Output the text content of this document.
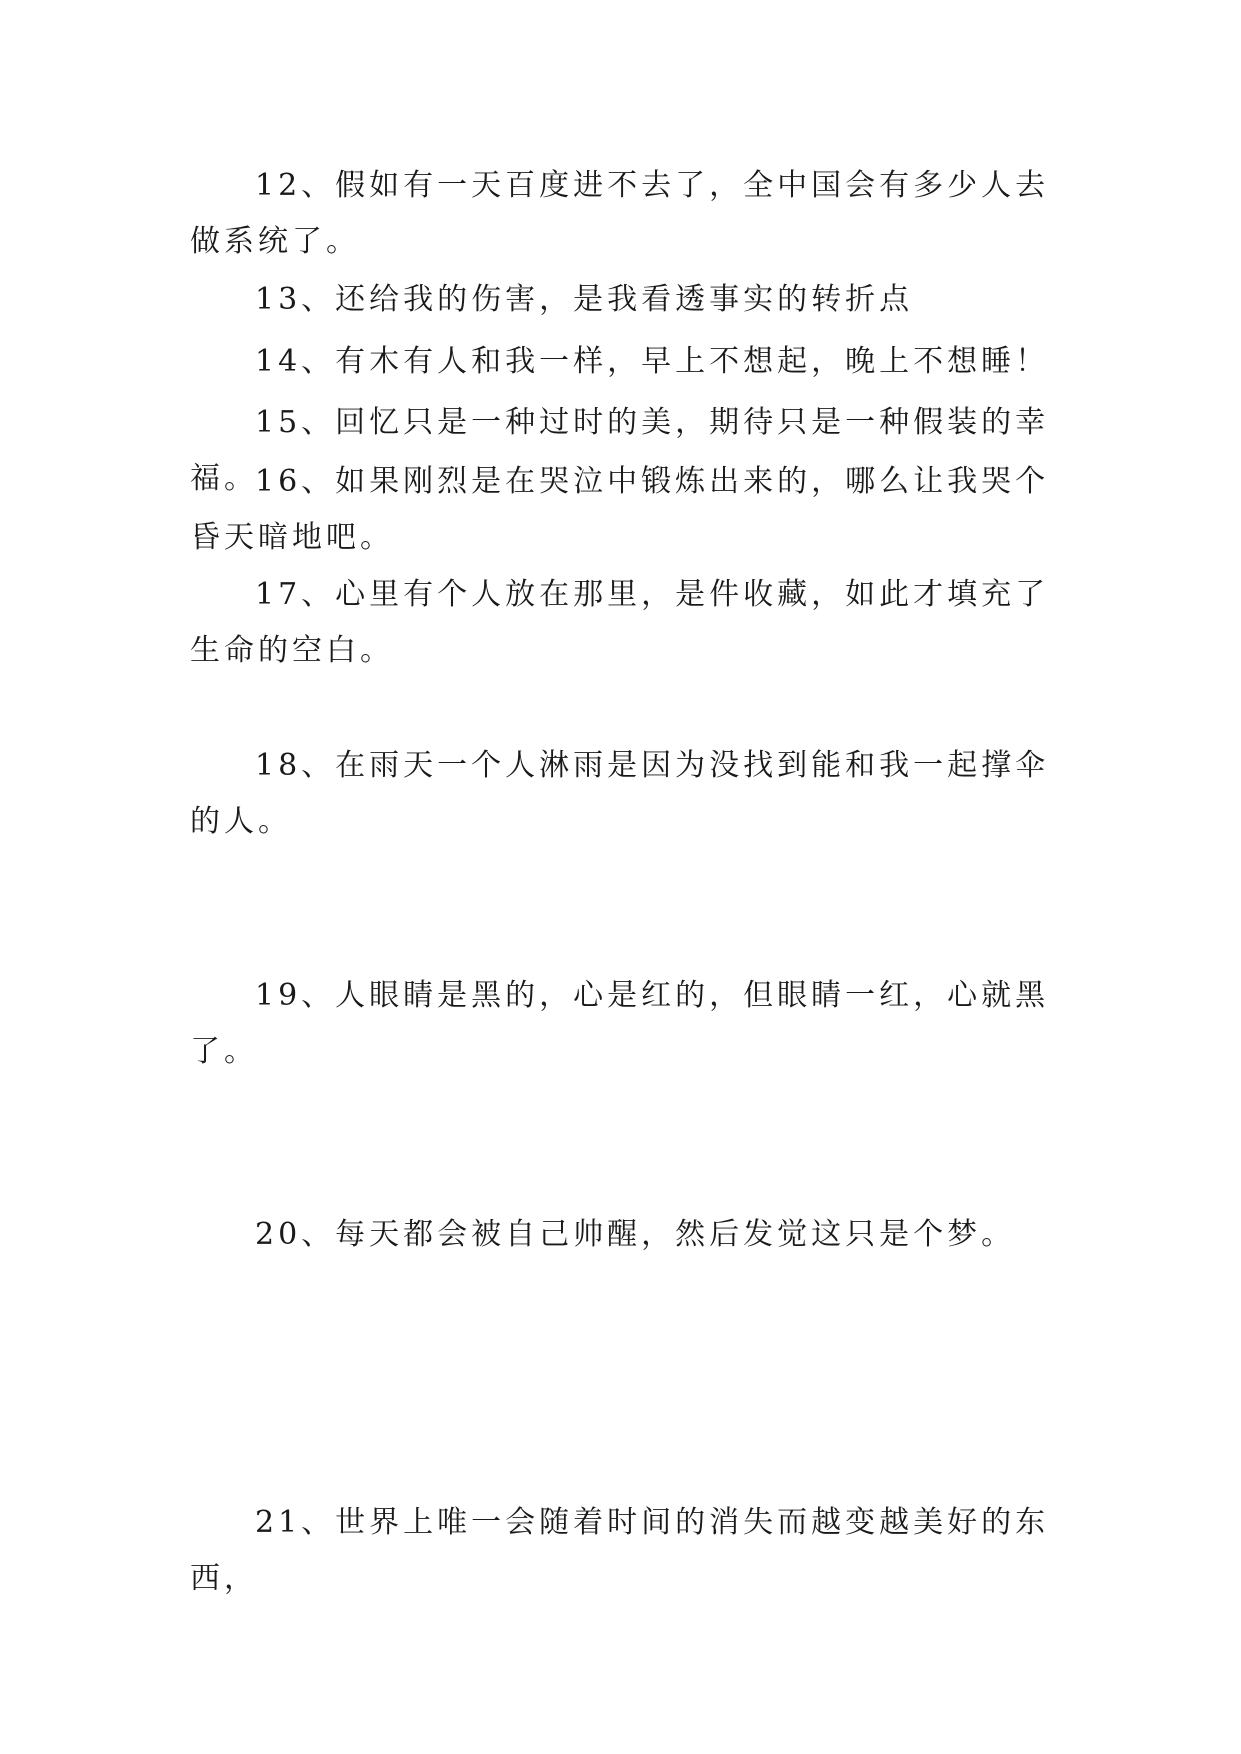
12、假如有一天百度进不去了，全中国会有多少人去做系统了。

13、还给我的伤害，是我看透事实的转折点

14、有木有人和我一样，早上不想起，晚上不想睡！

15、回忆只是一种过时的美，期待只是一种假装的幸福。

16、如果刚烈是在哭泣中锻炼出来的，哪么让我哭个昏天暗地吧。

17、心里有个人放在那里，是件收藏，如此才填充了生命的空白。

18、在雨天一个人淋雨是因为没找到能和我一起撑伞的人。

19、人眼睛是黑的，心是红的，但眼睛一红，心就黑了。

20、每天都会被自己帅醒，然后发觉这只是个梦。

21、世界上唯一会随着时间的消失而越变越美好的东西，
